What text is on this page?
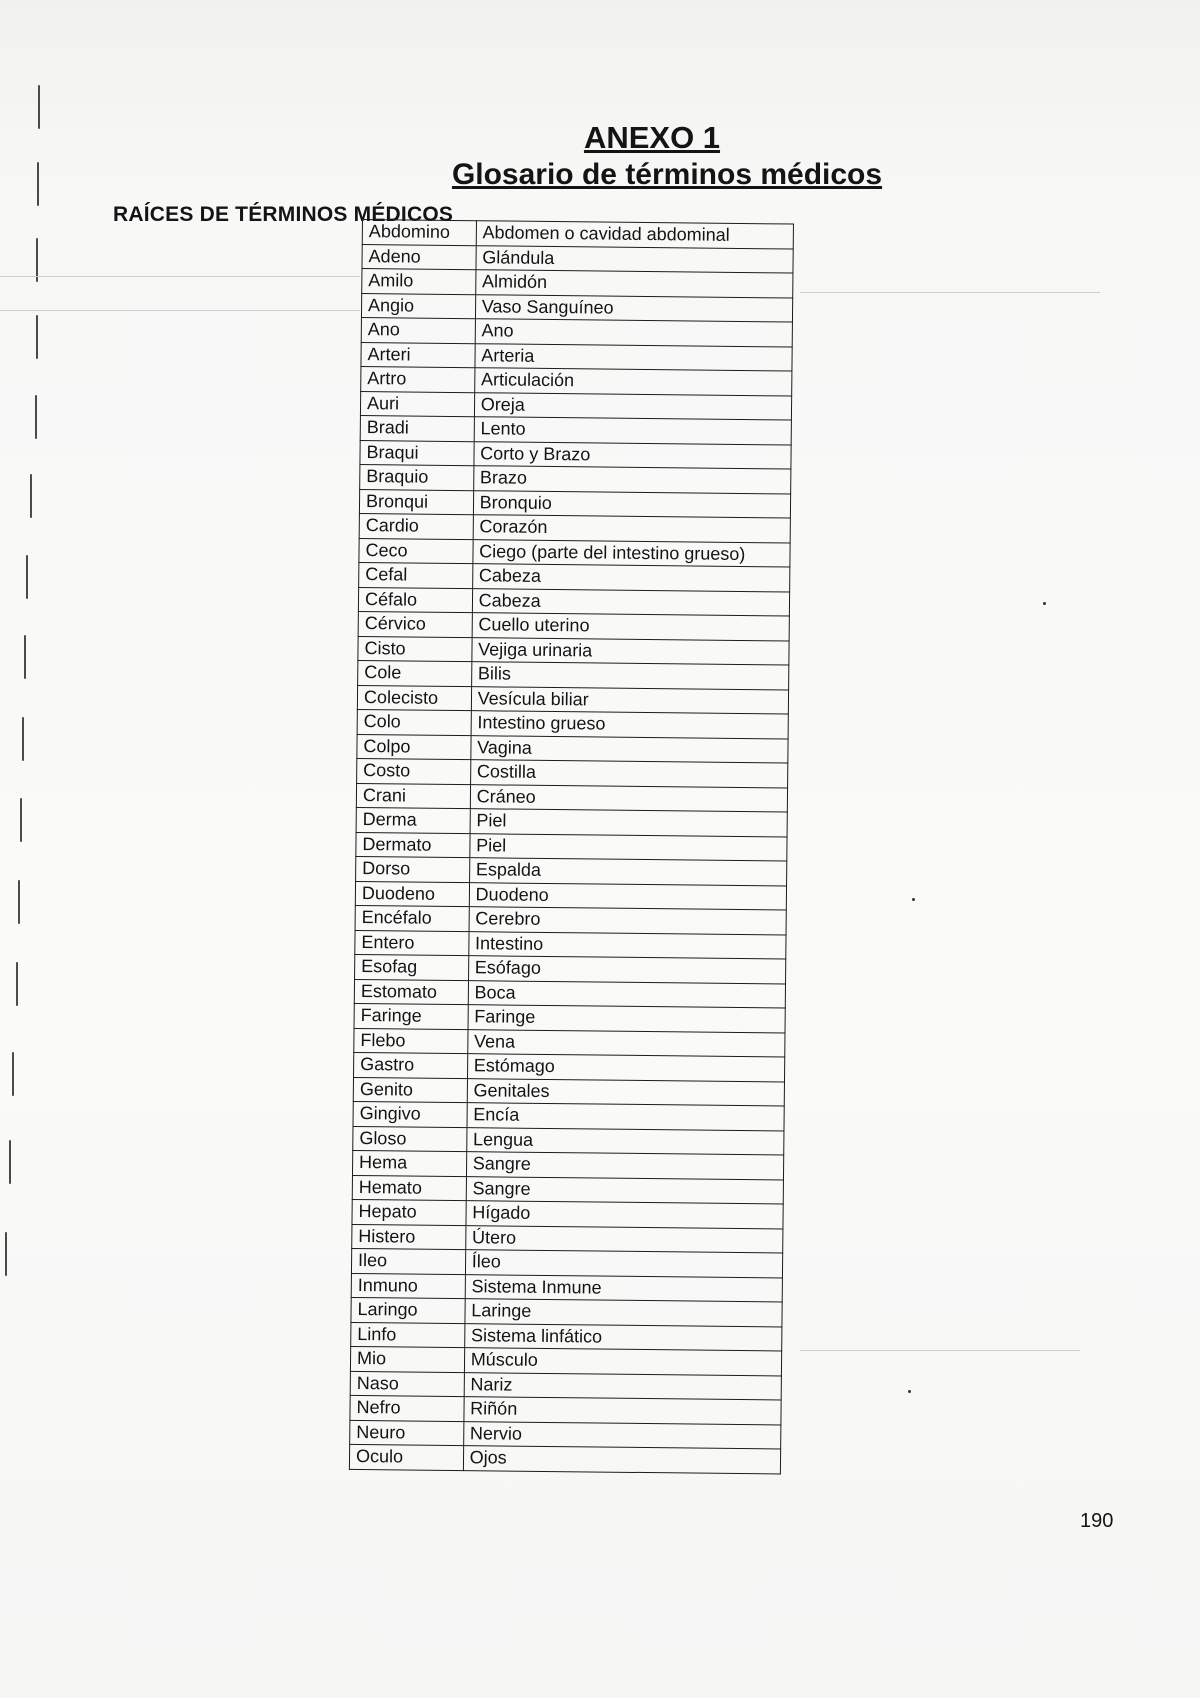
ANEXO 1
Glosario de términos médicos
RAÍCES DE TÉRMINOS MÉDICOS
Abdomino	Abdomen o cavidad abdominal
Adeno	Glándula
Amilo	Almidón
Angio	Vaso Sanguíneo
Ano	Ano
Arteri	Arteria
Artro	Articulación
Auri	Oreja
Bradi	Lento
Braqui	Corto y Brazo
Braquio	Brazo
Bronqui	Bronquio
Cardio	Corazón
Ceco	Ciego (parte del intestino grueso)
Cefal	Cabeza
Céfalo	Cabeza
Cérvico	Cuello uterino
Cisto	Vejiga urinaria
Cole	Bilis
Colecisto	Vesícula biliar
Colo	Intestino grueso
Colpo	Vagina
Costo	Costilla
Crani	Cráneo
Derma	Piel
Dermato	Piel
Dorso	Espalda
Duodeno	Duodeno
Encéfalo	Cerebro
Entero	Intestino
Esofag	Esófago
Estomato	Boca
Faringe	Faringe
Flebo	Vena
Gastro	Estómago
Genito	Genitales
Gingivo	Encía
Gloso	Lengua
Hema	Sangre
Hemato	Sangre
Hepato	Hígado
Histero	Útero
Ileo	Íleo
Inmuno	Sistema Inmune
Laringo	Laringe
Linfo	Sistema linfático
Mio	Músculo
Naso	Nariz
Nefro	Riñón
Neuro	Nervio
Oculo	Ojos

190
